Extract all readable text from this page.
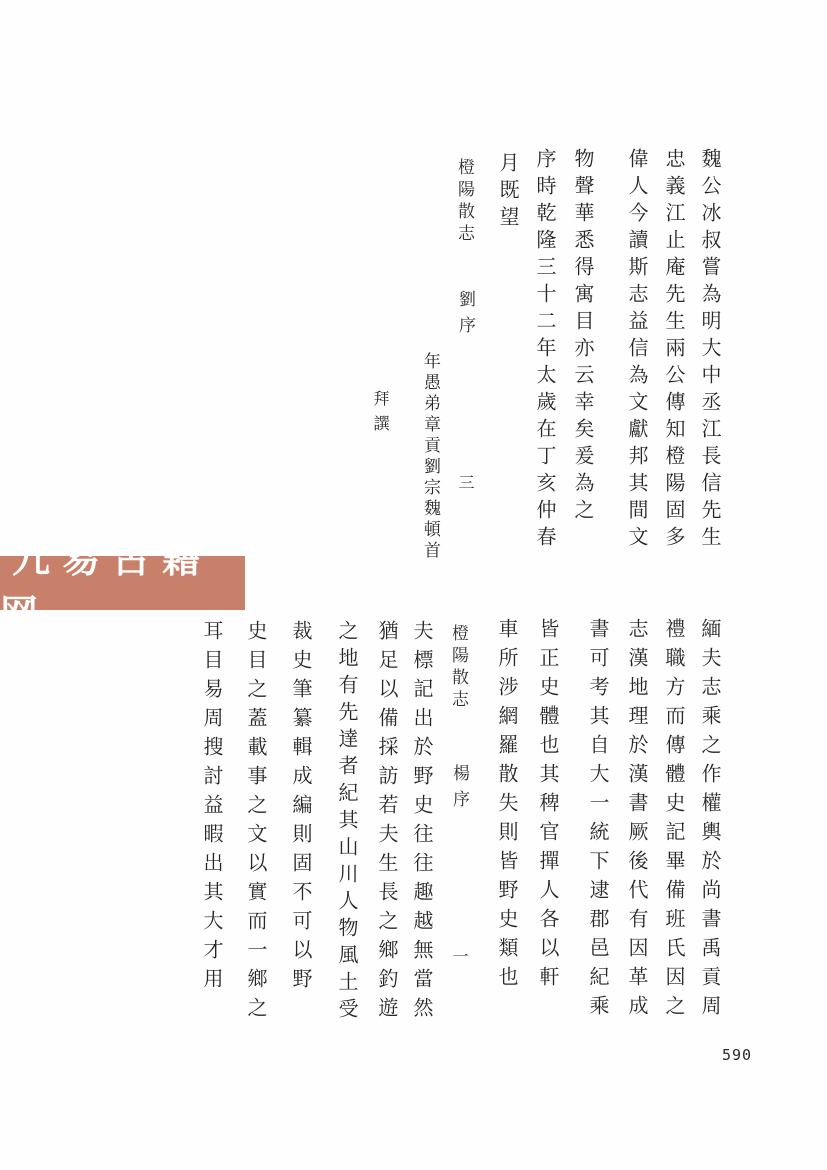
魏公冰叔嘗為明大中丞江長信先生
忠義江止庵先生兩公傳知橙陽固多
偉人今讀斯志益信為文獻邦其間文
物聲華悉得寓目亦云幸矣爰為之
序時乾隆三十二年太歲在丁亥仲春
月既望
橙陽散志
劉序
三
年愚弟章貢劉宗魏頓首
拜譔
九易古籍网
緬夫志乘之作權輿於尚書禹貢周
禮職方而傳體史記畢備班氏因之
志漢地理於漢書厥後代有因革成
書可考其自大一統下逮郡邑紀乘
皆正史體也其稗官撣人各以軒
車所涉網羅散失則皆野史類也
橙陽散志
楊序
一
夫標記出於野史往往趣越無當然
猶足以備採訪若夫生長之鄉釣遊
之地有先達者紀其山川人物風土受
裁史筆纂輯成編則固不可以野
史目之蓋載事之文以實而一鄉之
耳目易周搜討益暇出其大才用
590
